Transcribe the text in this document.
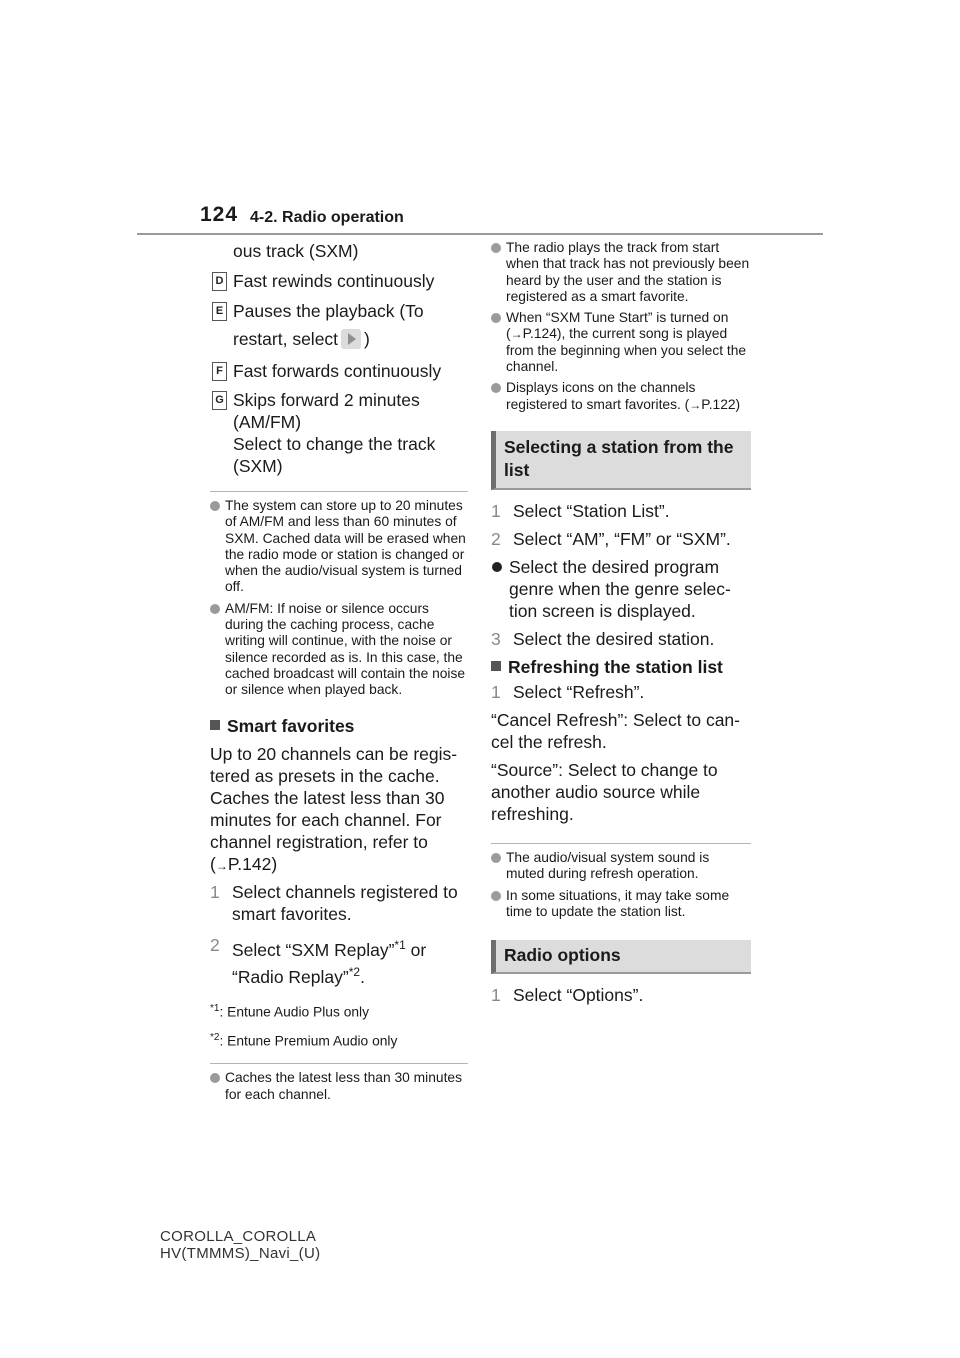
124 4-2. Radio operation
ous track (SXM)
D Fast rewinds continuously
E Pauses the playback (To restart, select )
F Fast forwards continuously
G Skips forward 2 minutes (AM/FM)
Select to change the track (SXM)
The system can store up to 20 minutes of AM/FM and less than 60 minutes of SXM. Cached data will be erased when the radio mode or station is changed or when the audio/visual system is turned off.
AM/FM: If noise or silence occurs during the caching process, cache writing will continue, with the noise or silence recorded as is. In this case, the cached broadcast will contain the noise or silence when played back.
Smart favorites
Up to 20 channels can be registered as presets in the cache. Caches the latest less than 30 minutes for each channel. For channel registration, refer to (→P.142)
1 Select channels registered to smart favorites.
2 Select “SXM Replay”$^{*1}$ or “Radio Replay”$^{*2}$.
$^{*1}$: Entune Audio Plus only
$^{*2}$: Entune Premium Audio only
Caches the latest less than 30 minutes for each channel.
The radio plays the track from start when that track has not previously been heard by the user and the station is registered as a smart favorite.
When “SXM Tune Start” is turned on (→P.124), the current song is played from the beginning when you select the channel.
Displays icons on the channels registered to smart favorites. (→P.122)
Selecting a station from the list
1 Select “Station List”.
2 Select “AM”, “FM” or “SXM”.
Select the desired program genre when the genre selection screen is displayed.
3 Select the desired station.
Refreshing the station list
1 Select “Refresh”.
“Cancel Refresh”: Select to cancel the refresh.
“Source”: Select to change to another audio source while refreshing.
The audio/visual system sound is muted during refresh operation.
In some situations, it may take some time to update the station list.
Radio options
1 Select “Options”.
COROLLA_COROLLA
HV(TMMMS)_Navi_(U)
